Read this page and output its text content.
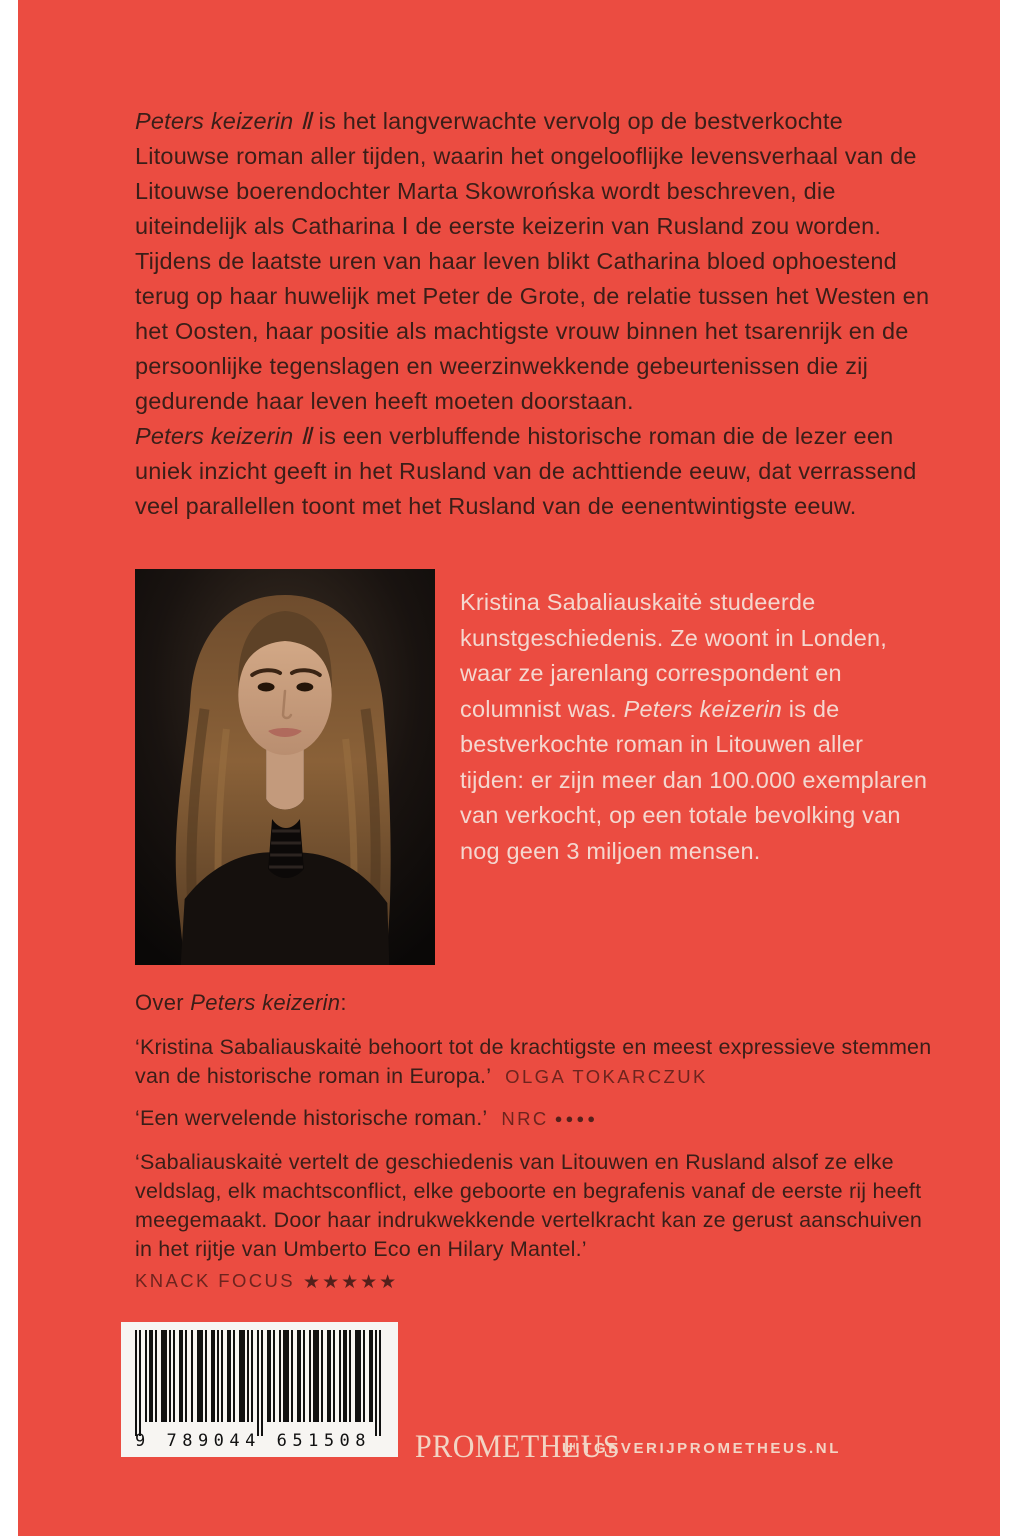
Peters keizerin Ⅱ is het langverwachte vervolg op de bestverkochte Litouwse roman aller tijden, waarin het ongelooflijke levensverhaal van de Litouwse boerendochter Marta Skowrońska wordt beschreven, die uiteindelijk als Catharina Ⅰ de eerste keizerin van Rusland zou worden. Tijdens de laatste uren van haar leven blikt Catharina bloed ophoestend terug op haar huwelijk met Peter de Grote, de relatie tussen het Westen en het Oosten, haar positie als machtigste vrouw binnen het tsarenrijk en de persoonlijke tegenslagen en weerzinwekkende gebeurtenissen die zij gedurende haar leven heeft moeten doorstaan.

Peters keizerin Ⅱ is een verbluffende historische roman die de lezer een uniek inzicht geeft in het Rusland van de achttiende eeuw, dat verrassend veel parallellen toont met het Rusland van de eenentwintigste eeuw.

Kristina Sabaliauskaitė studeerde kunstgeschiedenis. Ze woont in Londen, waar ze jarenlang correspondent en columnist was. Peters keizerin is de bestverkochte roman in Litouwen aller tijden: er zijn meer dan 100.000 exemplaren van verkocht, op een totale bevolking van nog geen 3 miljoen mensen.
Over Peters keizerin:
‘Kristina Sabaliauskaitė behoort tot de krachtigste en meest expressieve stemmen van de historische roman in Europa.’ OLGA TOKARCZUK
‘Een wervelende historische roman.’ NRC ●●●●
‘Sabaliauskaitė vertelt de geschiedenis van Litouwen en Rusland alsof ze elke veldslag, elk machtsconflict, elke geboorte en begrafenis vanaf de eerste rij heeft meegemaakt. Door haar indrukwekkende vertelkracht kan ze gerust aanschuiven in het rijtje van Umberto Eco en Hilary Mantel.’
KNACK FOCUS ★★★★★
9 789044 651508	PROMETHEUS
UITGEVERIJPROMETHEUS.NL
